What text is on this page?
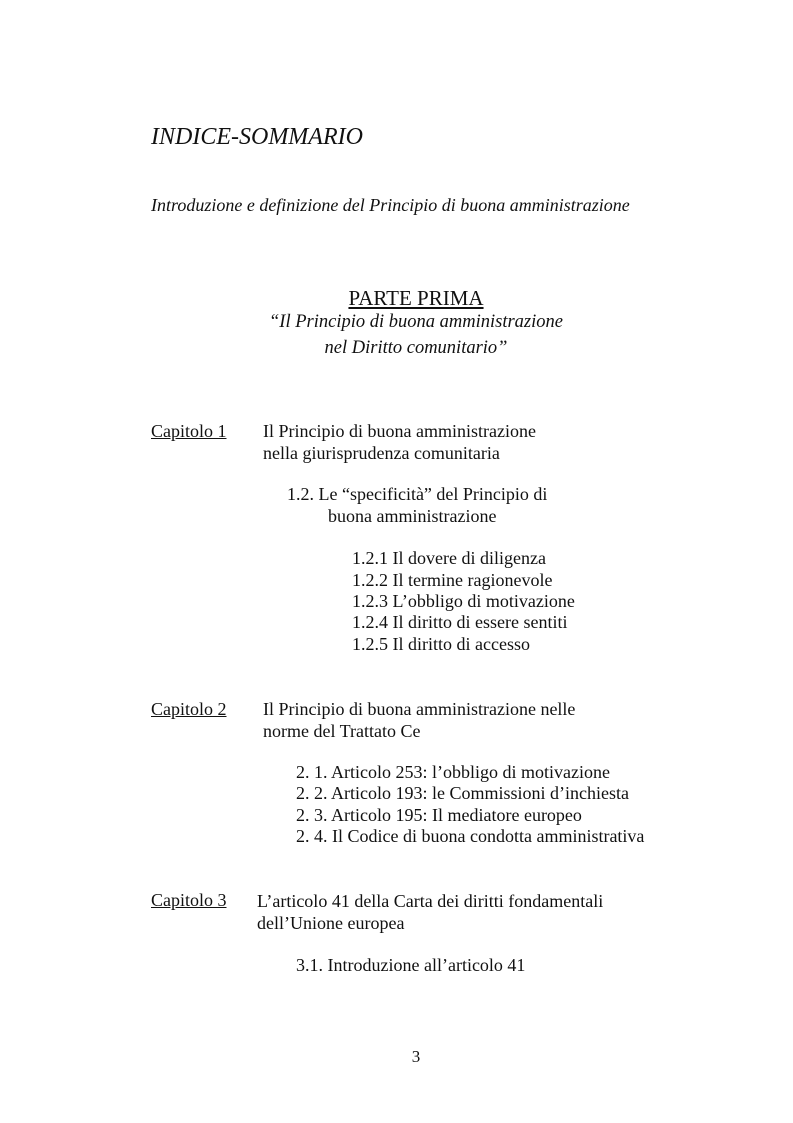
INDICE-SOMMARIO
Introduzione e definizione del Principio di buona amministrazione
PARTE PRIMA
“Il Principio di buona amministrazione
nel Diritto comunitario”
Capitolo 1 Il Principio di buona amministrazione
nella giurisprudenza comunitaria
1.2. Le “specificità” del Principio di
buona amministrazione
1.2.1 Il dovere di diligenza
1.2.2 Il termine ragionevole
1.2.3 L’obbligo di motivazione
1.2.4 Il diritto di essere sentiti
1.2.5 Il diritto di accesso
Capitolo 2 Il Principio di buona amministrazione nelle
norme del Trattato Ce
2. 1. Articolo 253: l’obbligo di motivazione
2. 2. Articolo 193: le Commissioni d’inchiesta
2. 3. Articolo 195: Il mediatore europeo
2. 4. Il Codice di buona condotta amministrativa
Capitolo 3 L’articolo 41 della Carta dei diritti fondamentali
dell’Unione europea
3.1. Introduzione all’articolo 41
3
